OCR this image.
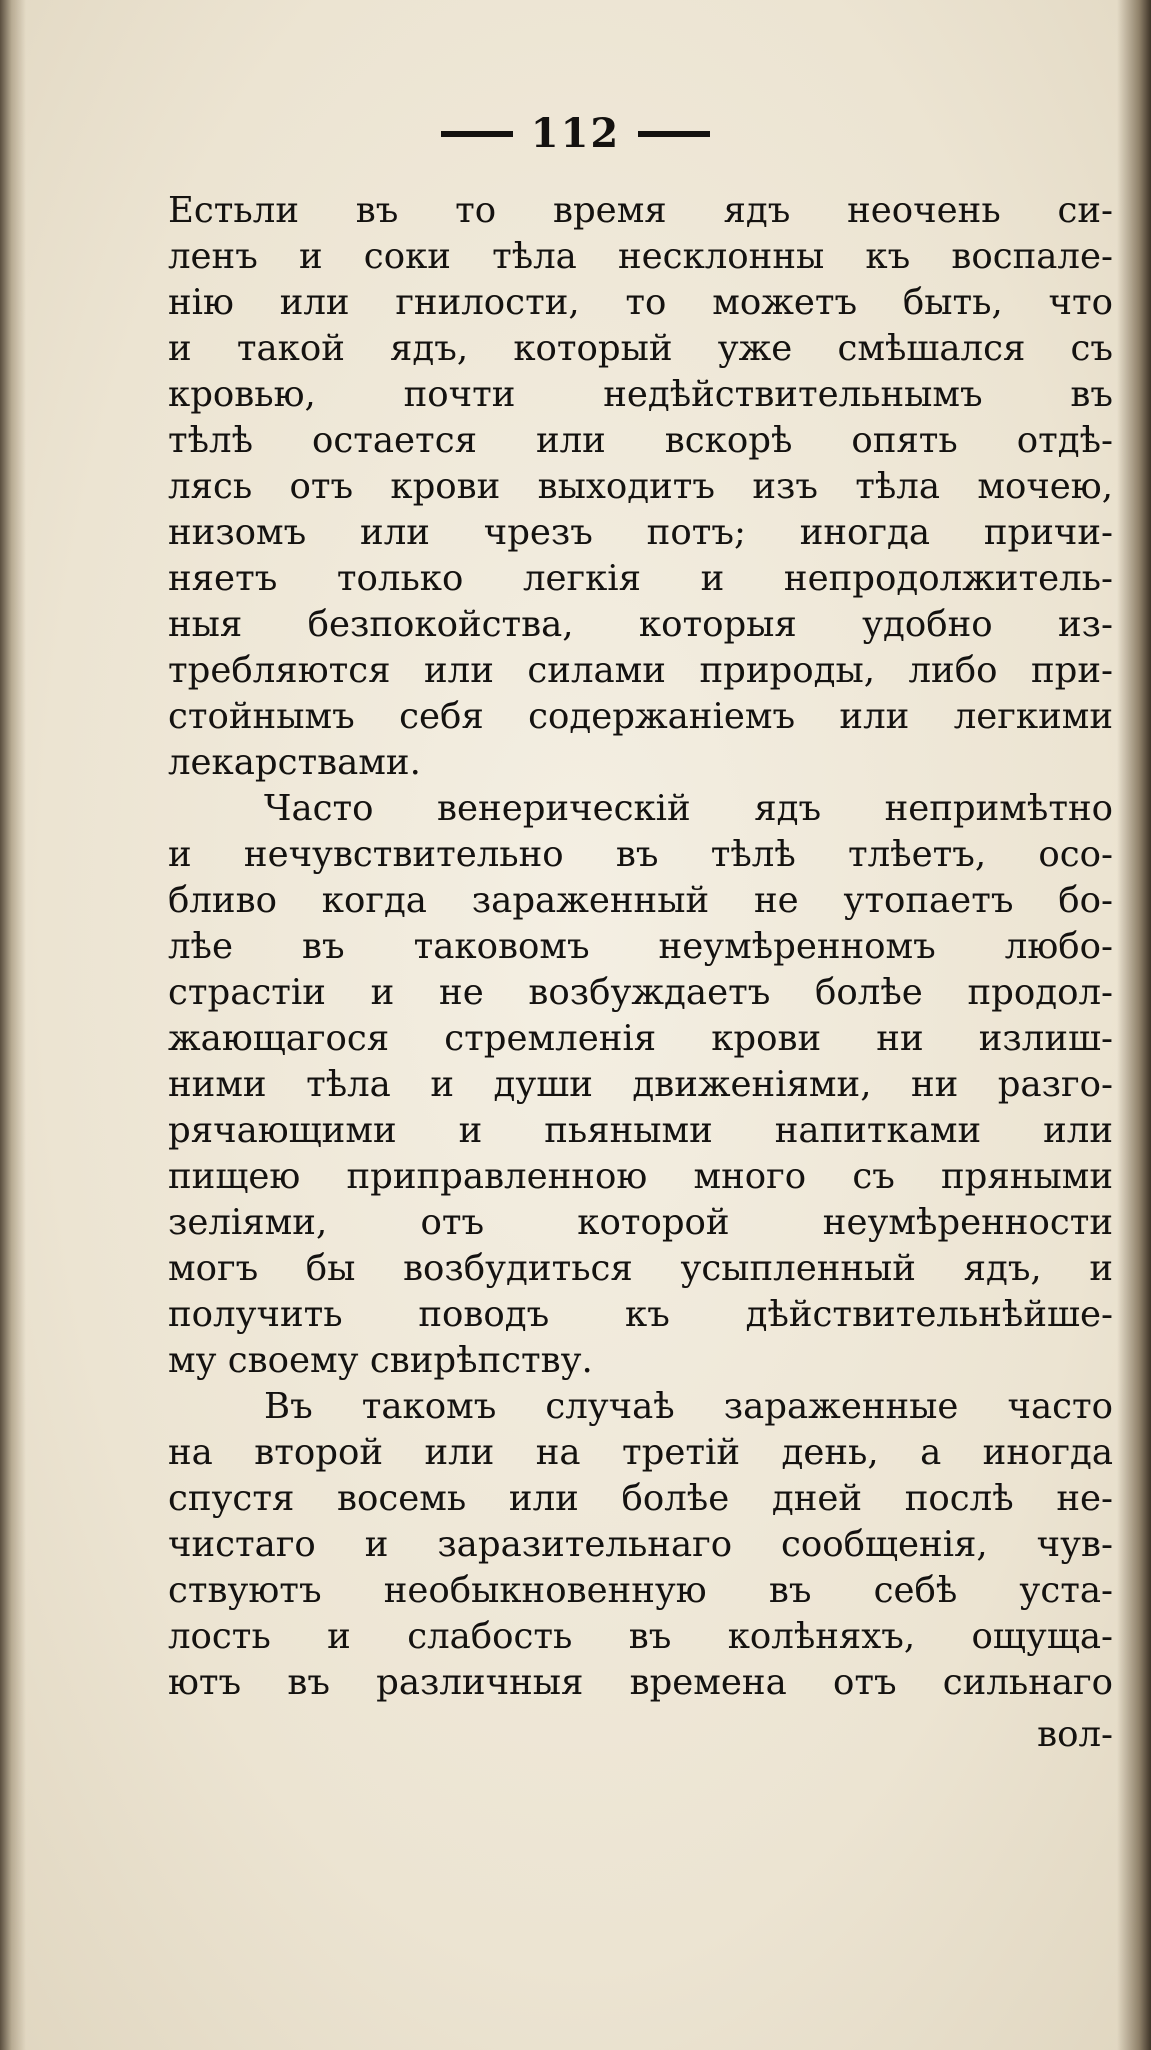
112
Естьли въ то время ядъ неочень си-
ленъ и соки тѣла несклонны къ воспале-
нію или гнилости, то можетъ быть, что
и такой ядъ, который уже смѣшался съ
кровью, почти недѣйствительнымъ въ
тѣлѣ остается или вскорѣ опять отдѣ-
лясь отъ крови выходитъ изъ тѣла мочею,
низомъ или чрезъ потъ; иногда причи-
няетъ только легкія и непродолжитель-
ныя безпокойства, которыя удобно из-
требляются или силами природы, либо при-
стойнымъ себя содержаніемъ или легкими
лекарствами.
Часто венерическій ядъ непримѣтно
и нечувствительно въ тѣлѣ тлѣетъ, осо-
бливо когда зараженный не утопаетъ бо-
лѣе въ таковомъ неумѣренномъ любо-
страстіи и не возбуждаетъ болѣе продол-
жающагося стремленія крови ни излиш-
ними тѣла и души движеніями, ни разго-
рячающими и пьяными напитками или
пищею приправленною много съ пряными
зеліями, отъ которой неумѣренности
могъ бы возбудиться усыпленный ядъ, и
получить поводъ къ дѣйствительнѣйше-
му своему свирѣпству.
Въ такомъ случаѣ зараженные часто
на второй или на третій день, а иногда
спустя восемь или болѣе дней послѣ не-
чистаго и заразительнаго сообщенія, чув-
ствуютъ необыкновенную въ себѣ уста-
лость и слабость въ колѣняхъ, ощуща-
ютъ въ различныя времена отъ сильнаго
вол-
